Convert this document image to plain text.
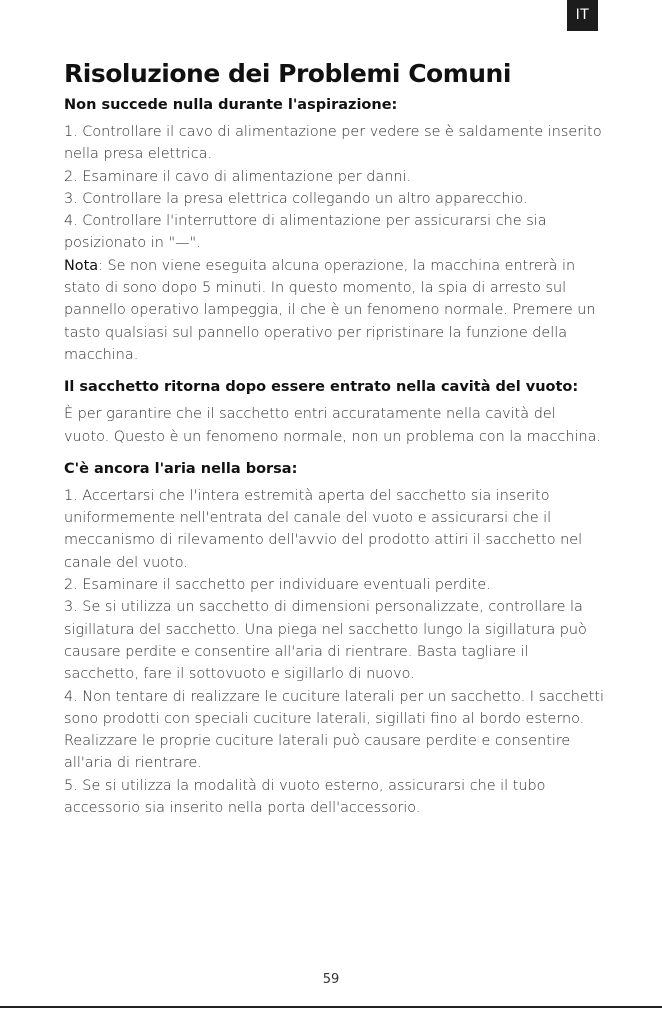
IT
Risoluzione dei Problemi Comuni
Non succede nulla durante l'aspirazione:

1. Controllare il cavo di alimentazione per vedere se è saldamente inserito nella presa elettrica.

2. Esaminare il cavo di alimentazione per danni.

3. Controllare la presa elettrica collegando un altro apparecchio.

4. Controllare l'interruttore di alimentazione per assicurarsi che sia posizionato in "—".

Nota: Se non viene eseguita alcuna operazione, la macchina entrerà in stato di sono dopo 5 minuti. In questo momento, la spia di arresto sul pannello operativo lampeggia, il che è un fenomeno normale. Premere un tasto qualsiasi sul pannello operativo per ripristinare la funzione della macchina.

Il sacchetto ritorna dopo essere entrato nella cavità del vuoto:

È per garantire che il sacchetto entri accuratamente nella cavità del vuoto. Questo è un fenomeno normale, non un problema con la macchina.

C'è ancora l'aria nella borsa:

1. Accertarsi che l'intera estremità aperta del sacchetto sia inserito uniformemente nell'entrata del canale del vuoto e assicurarsi che il meccanismo di rilevamento dell'avvio del prodotto attiri il sacchetto nel canale del vuoto.

2. Esaminare il sacchetto per individuare eventuali perdite.

3. Se si utilizza un sacchetto di dimensioni personalizzate, controllare la sigillatura del sacchetto. Una piega nel sacchetto lungo la sigillatura può causare perdite e consentire all'aria di rientrare. Basta tagliare il sacchetto, fare il sottovuoto e sigillarlo di nuovo.

4. Non tentare di realizzare le cuciture laterali per un sacchetto. I sacchetti sono prodotti con speciali cuciture laterali, sigillati fino al bordo esterno. Realizzare le proprie cuciture laterali può causare perdite e consentire all'aria di rientrare.

5. Se si utilizza la modalità di vuoto esterno, assicurarsi che il tubo accessorio sia inserito nella porta dell'accessorio.

59
